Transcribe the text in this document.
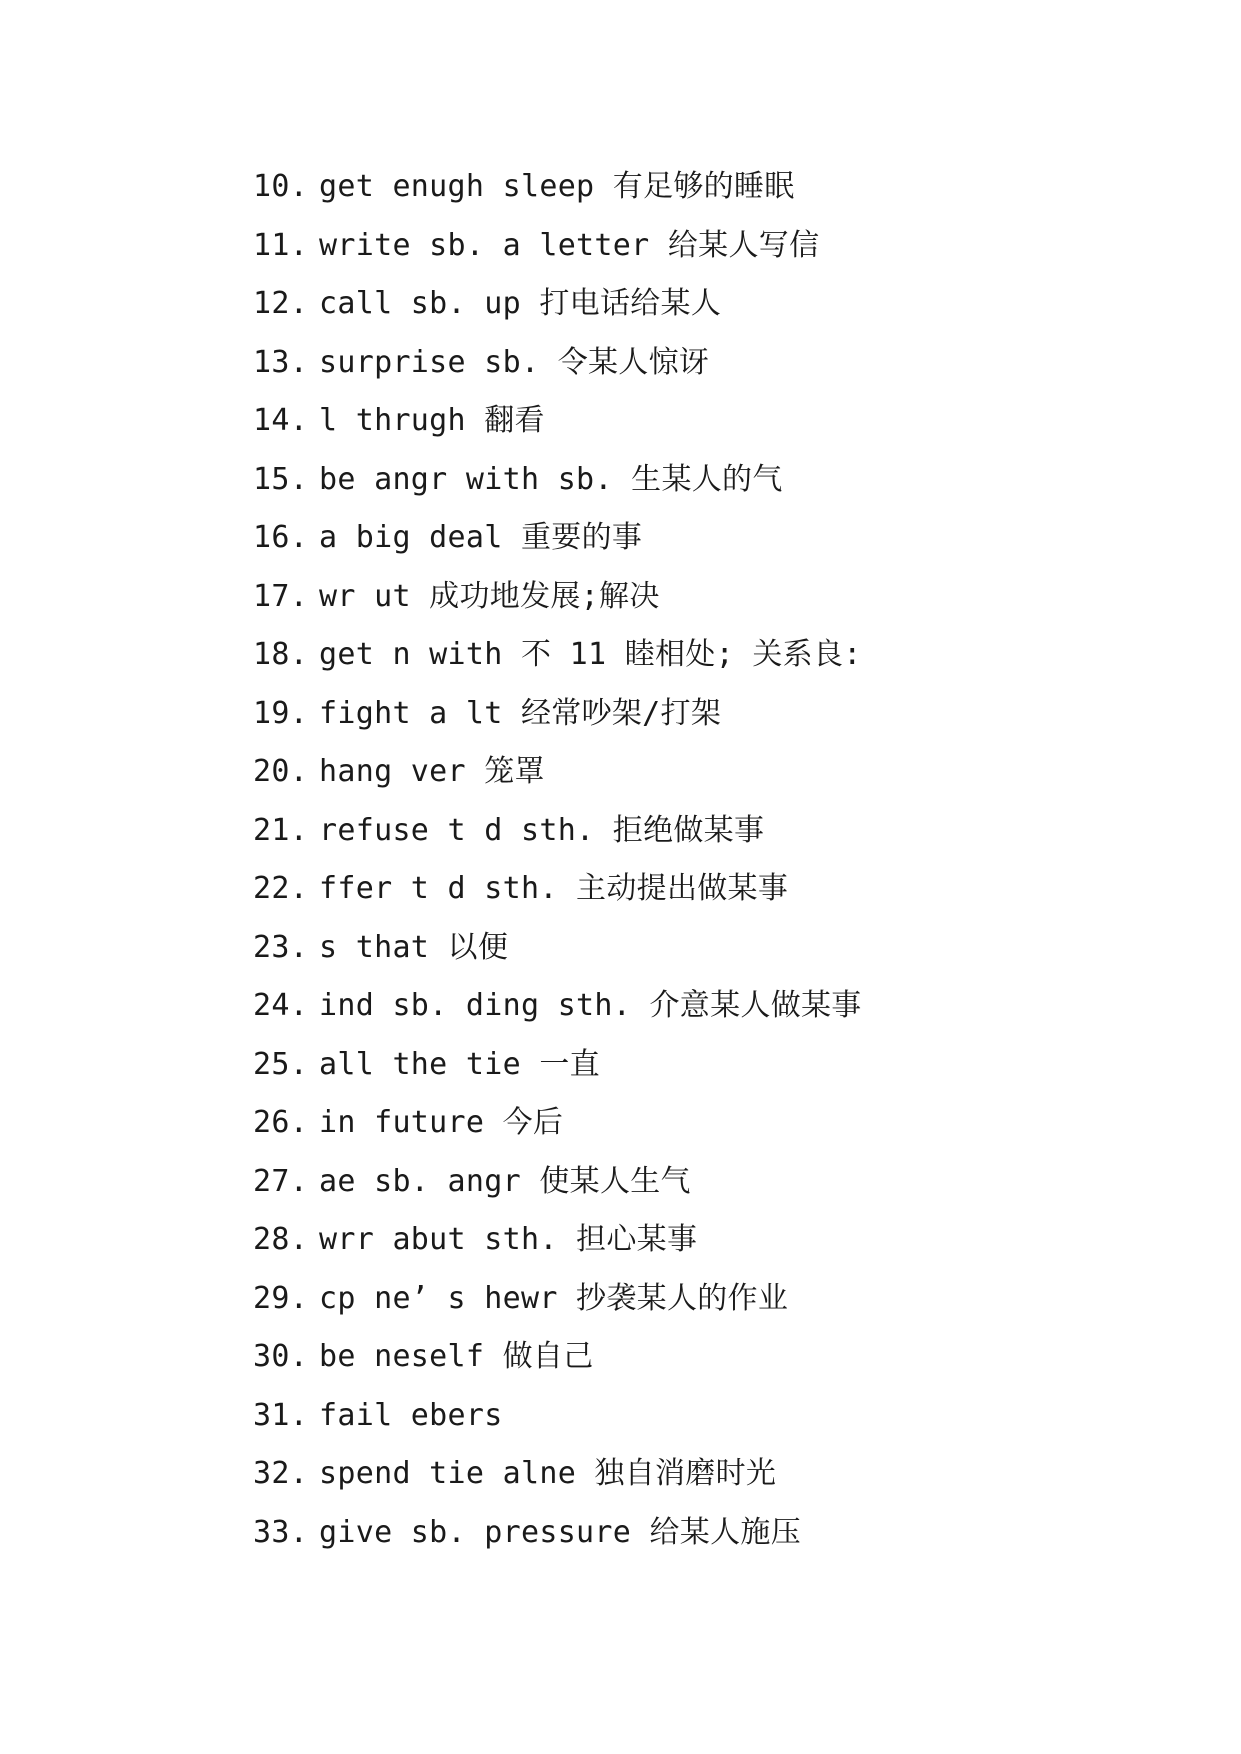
10. get enugh sleep 有足够的睡眠
11. write sb. a letter 给某人写信
12. call sb. up 打电话给某人
13. surprise sb. 令某人惊讶
14. l thrugh 翻看
15. be angr with sb. 生某人的气
16. a big deal 重要的事
17. wr ut 成功地发展;解决
18. get n with 不 11 睦相处; 关系良:
19. fight a lt 经常吵架/打架
20. hang ver 笼罩
21. refuse t d sth. 拒绝做某事
22. ffer t d sth. 主动提出做某事
23. s that 以便
24. ind sb. ding sth. 介意某人做某事
25. all the tie 一直
26. in future 今后
27. ae sb. angr 使某人生气
28. wrr abut sth. 担心某事
29. cp ne’ s hewr 抄袭某人的作业
30. be neself 做自己
31. fail ebers
32. spend tie alne 独自消磨时光
33. give sb. pressure 给某人施压
